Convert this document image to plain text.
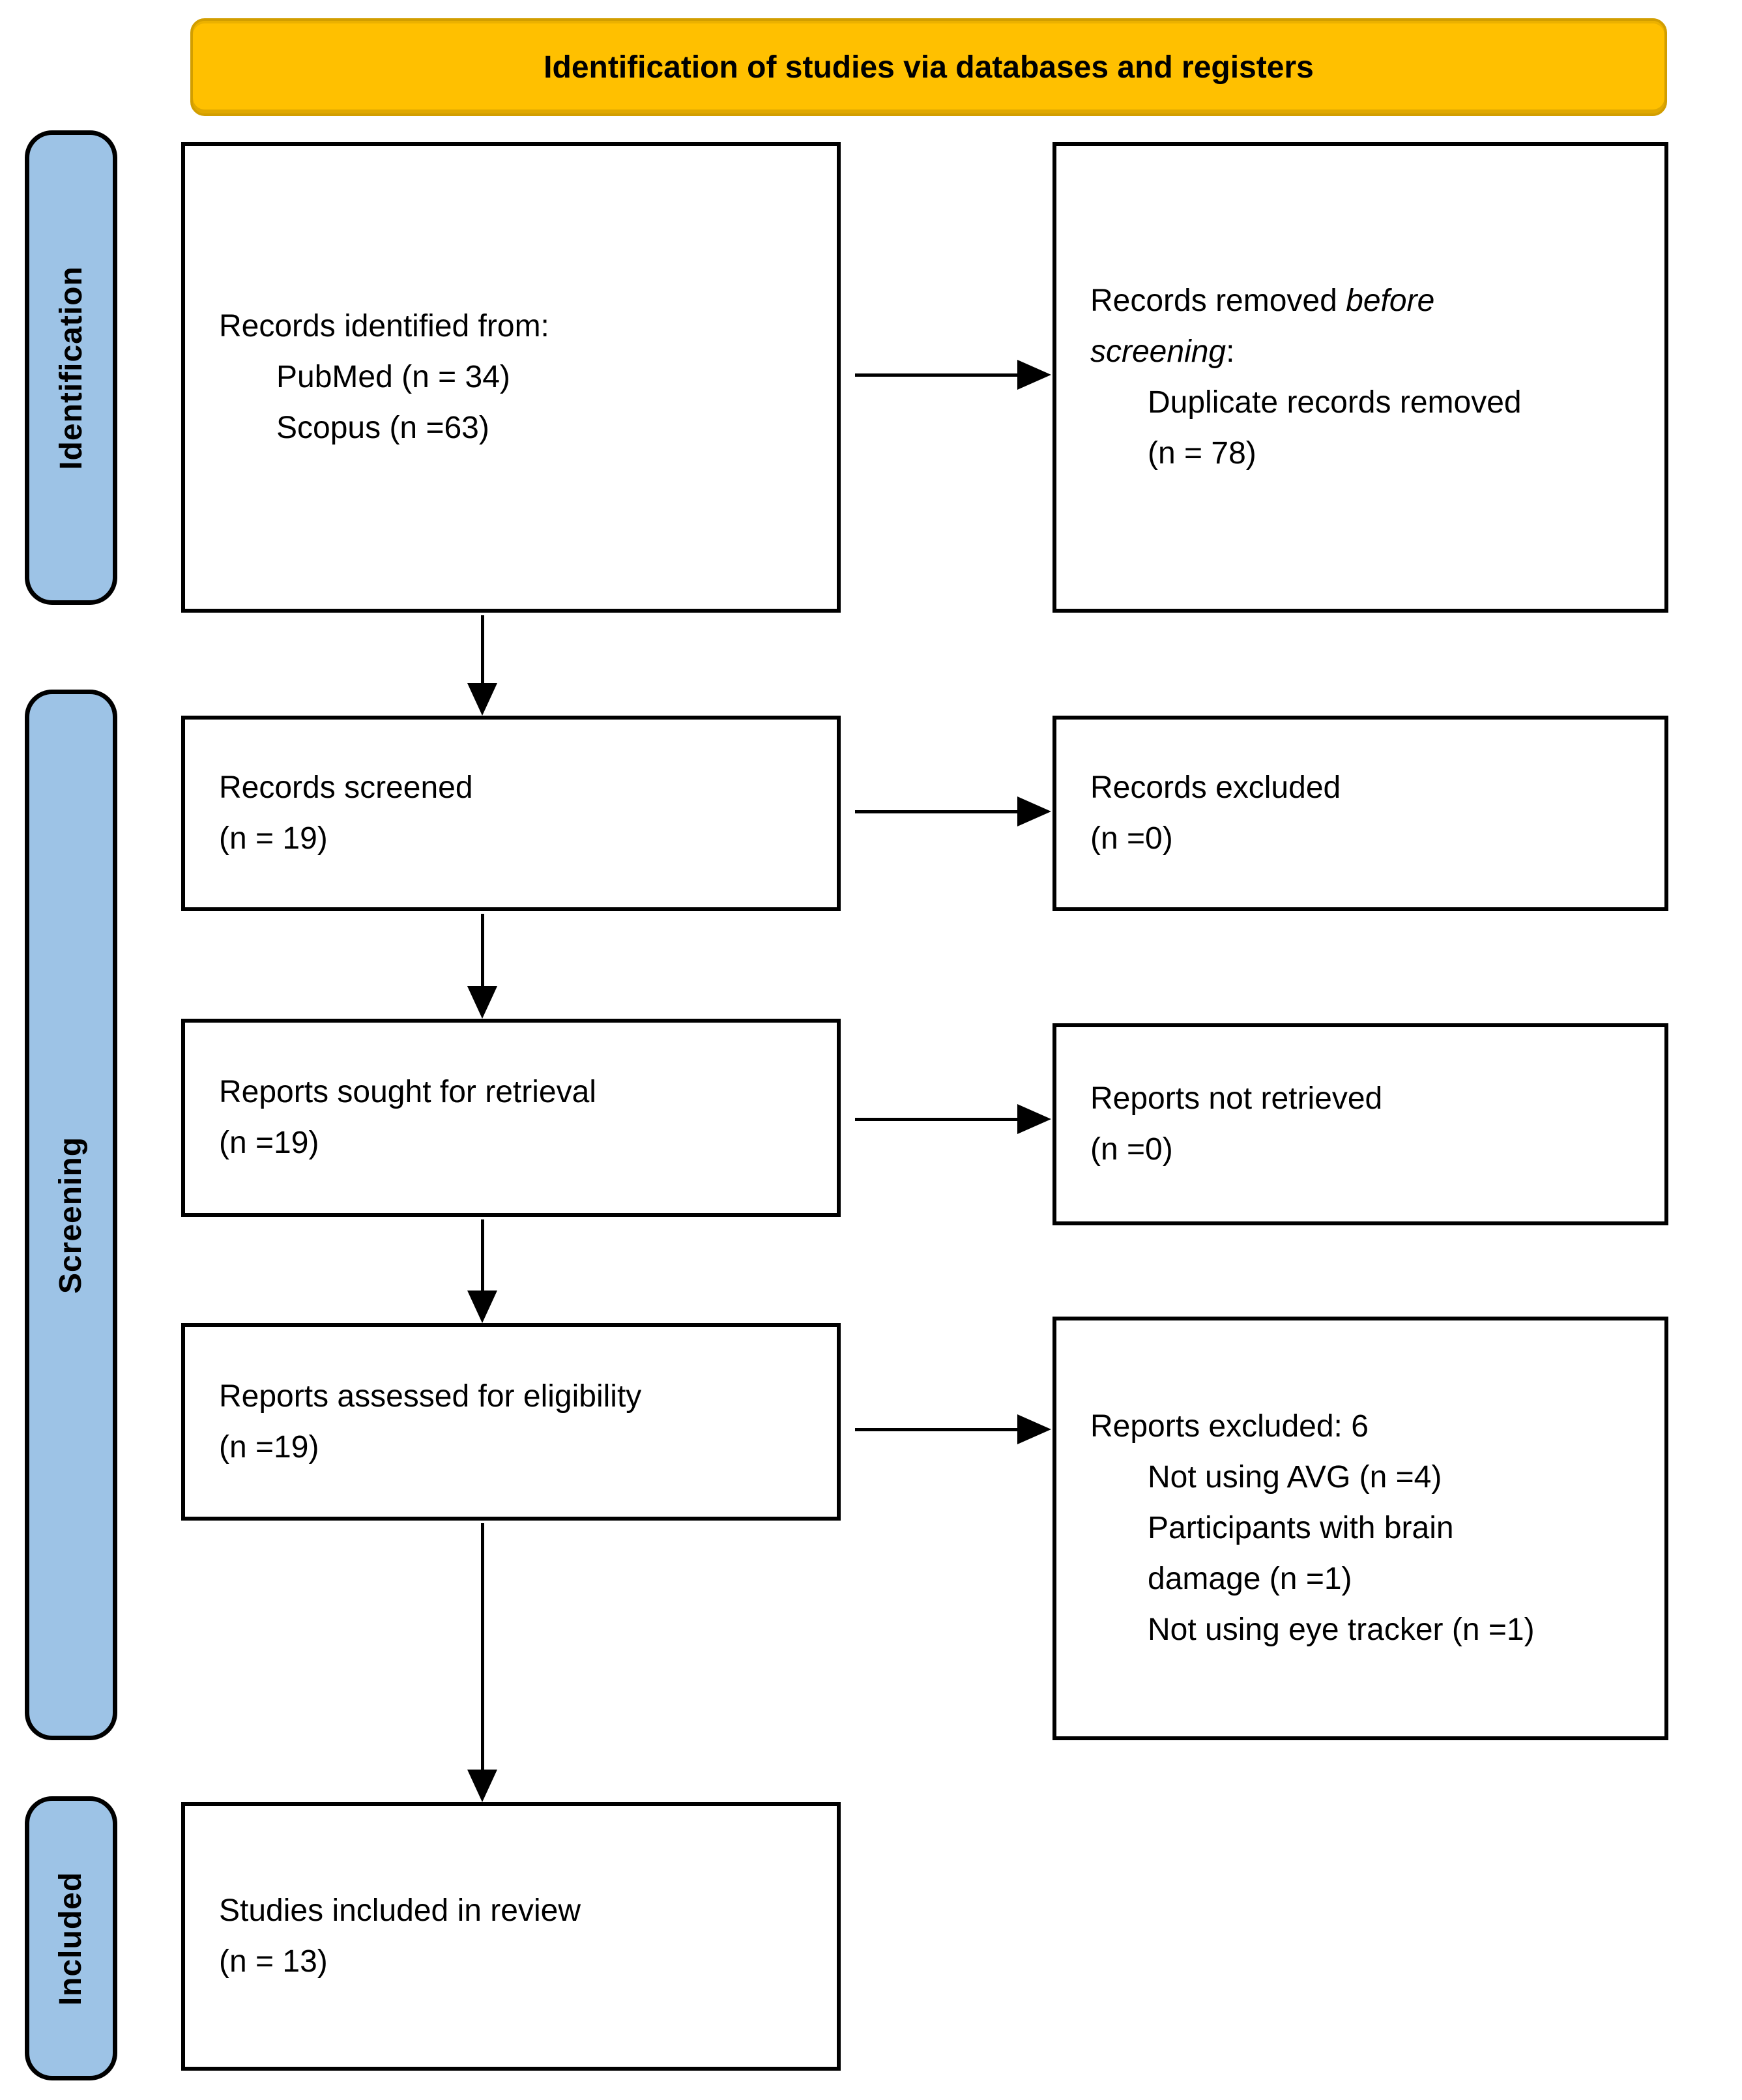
Identification of studies via databases and registers
Identification
Screening
Included
Records identified from:
PubMed (n = 34)
Scopus (n =63)
Records removed before
screening:
Duplicate records removed
(n = 78)
Records screened
(n = 19)
Records excluded
(n =0)
Reports sought for retrieval
(n =19)
Reports not retrieved
(n =0)
Reports assessed for eligibility
(n =19)
Reports excluded: 6
Not using AVG (n =4)
Participants with brain
damage (n =1)
Not using eye tracker (n =1)
Studies included in review
(n = 13)
